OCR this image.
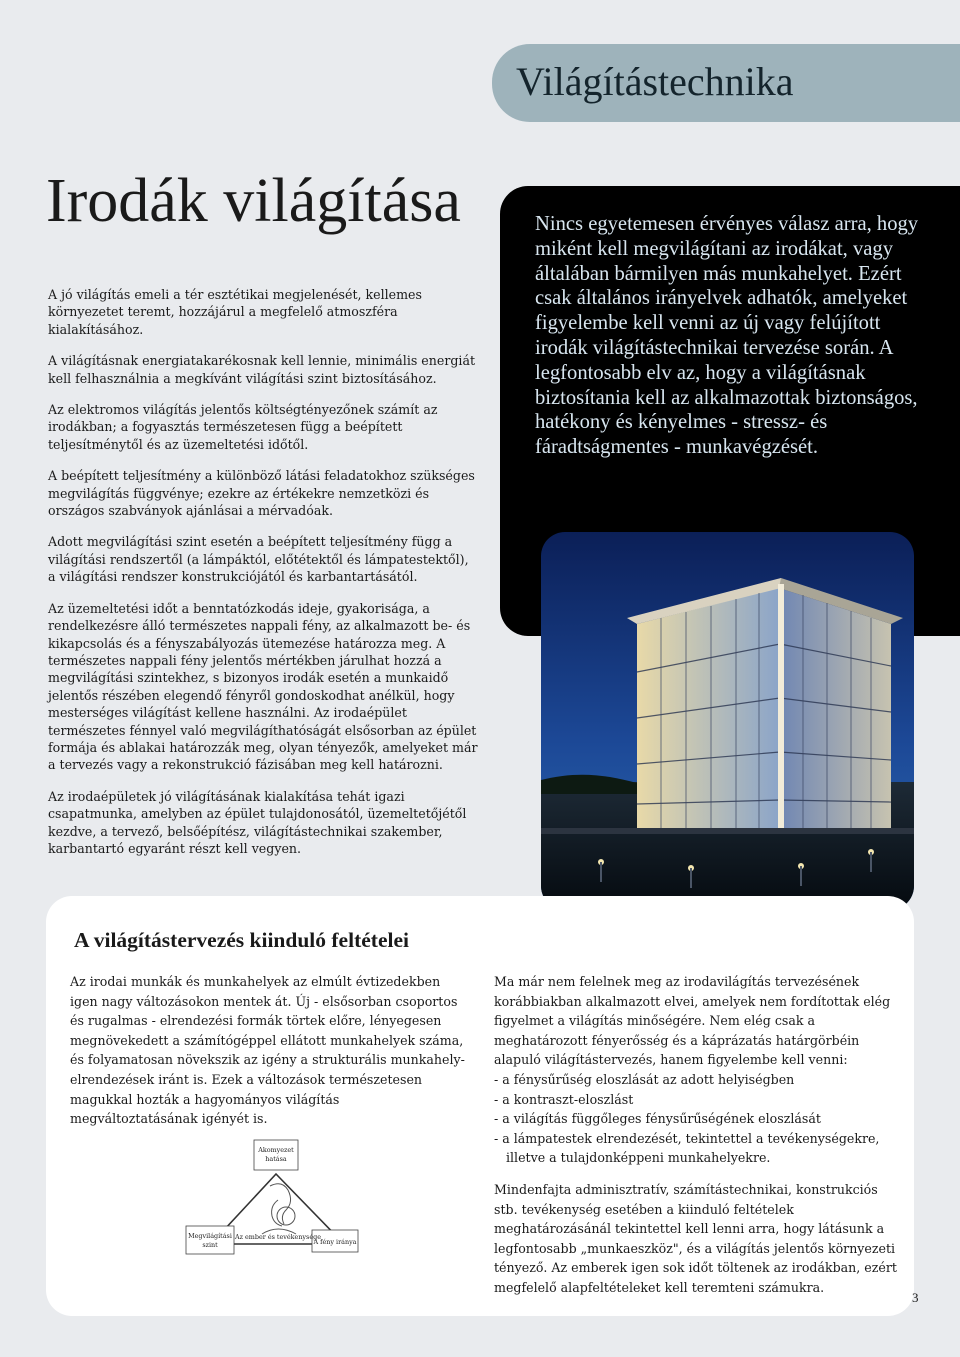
Világítástechnika
Irodák világítása

A jó világítás emeli a tér esztétikai megjelenését, kellemes környezetet teremt, hozzájárul a megfelelő atmoszféra kialakításához.

A világításnak energiatakarékosnak kell lennie, minimális energiát kell felhasználnia a megkívánt világítási szint biztosításához.

Az elektromos világítás jelentős költségtényezőnek számít az irodákban; a fogyasztás természetesen függ a beépített teljesítménytől és az üzemeltetési időtől.

A beépített teljesítmény a különböző látási feladatokhoz szükséges megvilágítás függvénye; ezekre az értékekre nemzetközi és országos szabványok ajánlásai a mérvadóak.

Adott megvilágítási szint esetén a beépített teljesítmény függ a világítási rendszertől (a lámpáktól, előtétektől és lámpatestektől), a világítási rendszer konstrukciójától és karbantartásától.

Az üzemeltetési időt a benntatózkodás ideje, gyakorisága, a rendelkezésre álló természetes nappali fény, az alkalmazott be- és kikapcsolás és a fényszabályozás ütemezése határozza meg. A természetes nappali fény jelentős mértékben járulhat hozzá a megvilágítási szintekhez, s bizonyos irodák esetén a munkaidő jelentős részében elegendő fényről gondoskodhat anélkül, hogy mesterséges világítást kellene használni. Az irodaépület természetes fénnyel való megvilágíthatóságát elsősorban az épület formája és ablakai határozzák meg, olyan tényezők, amelyeket már a tervezés vagy a rekonstrukció fázisában meg kell határozni.

Az irodaépületek jó világításának kialakítása tehát igazi csapatmunka, amelyben az épület tulajdonosától, üzemeltetőjétől kezdve, a tervező, belsőépítész, világítástechnikai szakember, karbantartó egyaránt részt kell vegyen.

Nincs egyetemesen érvényes válasz arra, hogy miként kell megvilágítani az irodákat, vagy általában bármilyen más munkahelyet. Ezért csak általános irányelvek adhatók, amelyeket figyelembe kell venni az új vagy felújított irodák világítástechnikai tervezése során. A legfontosabb elv az, hogy a világításnak biztosítania kell az alkalmazottak biztonságos, hatékony és kényelmes - stressz- és fáradtságmentes - munkavégzését.

A világítástervezés kiinduló feltételei

Az irodai munkák és munkahelyek az elmúlt évtizedekben igen nagy változásokon mentek át. Új - elsősorban csoportos és rugalmas - elrendezési formák törtek előre, lényegesen megnövekedett a számítógéppel ellátott munkahelyek száma, és folyamatosan növekszik az igény a strukturális munkahely-elrendezések iránt is. Ezek a változások természetesen magukkal hozták a hagyományos világítás megváltoztatásának igényét is.

Ma már nem felelnek meg az irodavilágítás tervezésének korábbiakban alkalmazott elvei, amelyek nem fordítottak elég figyelmet a világítás minőségére. Nem elég csak a meghatározott fényerősség és a káprázatás határgörbéin alapuló világítástervezés, hanem figyelembe kell venni:

- a fénysűrűség eloszlását az adott helyiségben
- a kontraszt-eloszlást
- a világítás függőleges fénysűrűségének eloszlását
- a lámpatestek elrendezését, tekintettel a tevékenységekre, illetve a tulajdonképpeni munkahelyekre.

Mindenfajta adminisztratív, számítástechnikai, konstrukciós stb. tevékenység esetében a kiinduló feltételek meghatározásánál tekintettel kell lenni arra, hogy látásunk a legfontosabb „munkaeszköz", és a világítás jelentős környezeti tényező. Az emberek igen sok időt töltenek az irodákban, ezért megfelelő alapfeltételeket kell teremteni számukra.

Akomyezet
hatása
Megvilágítási
szint	A fény iránya
Az ember és tevékenysége
3
